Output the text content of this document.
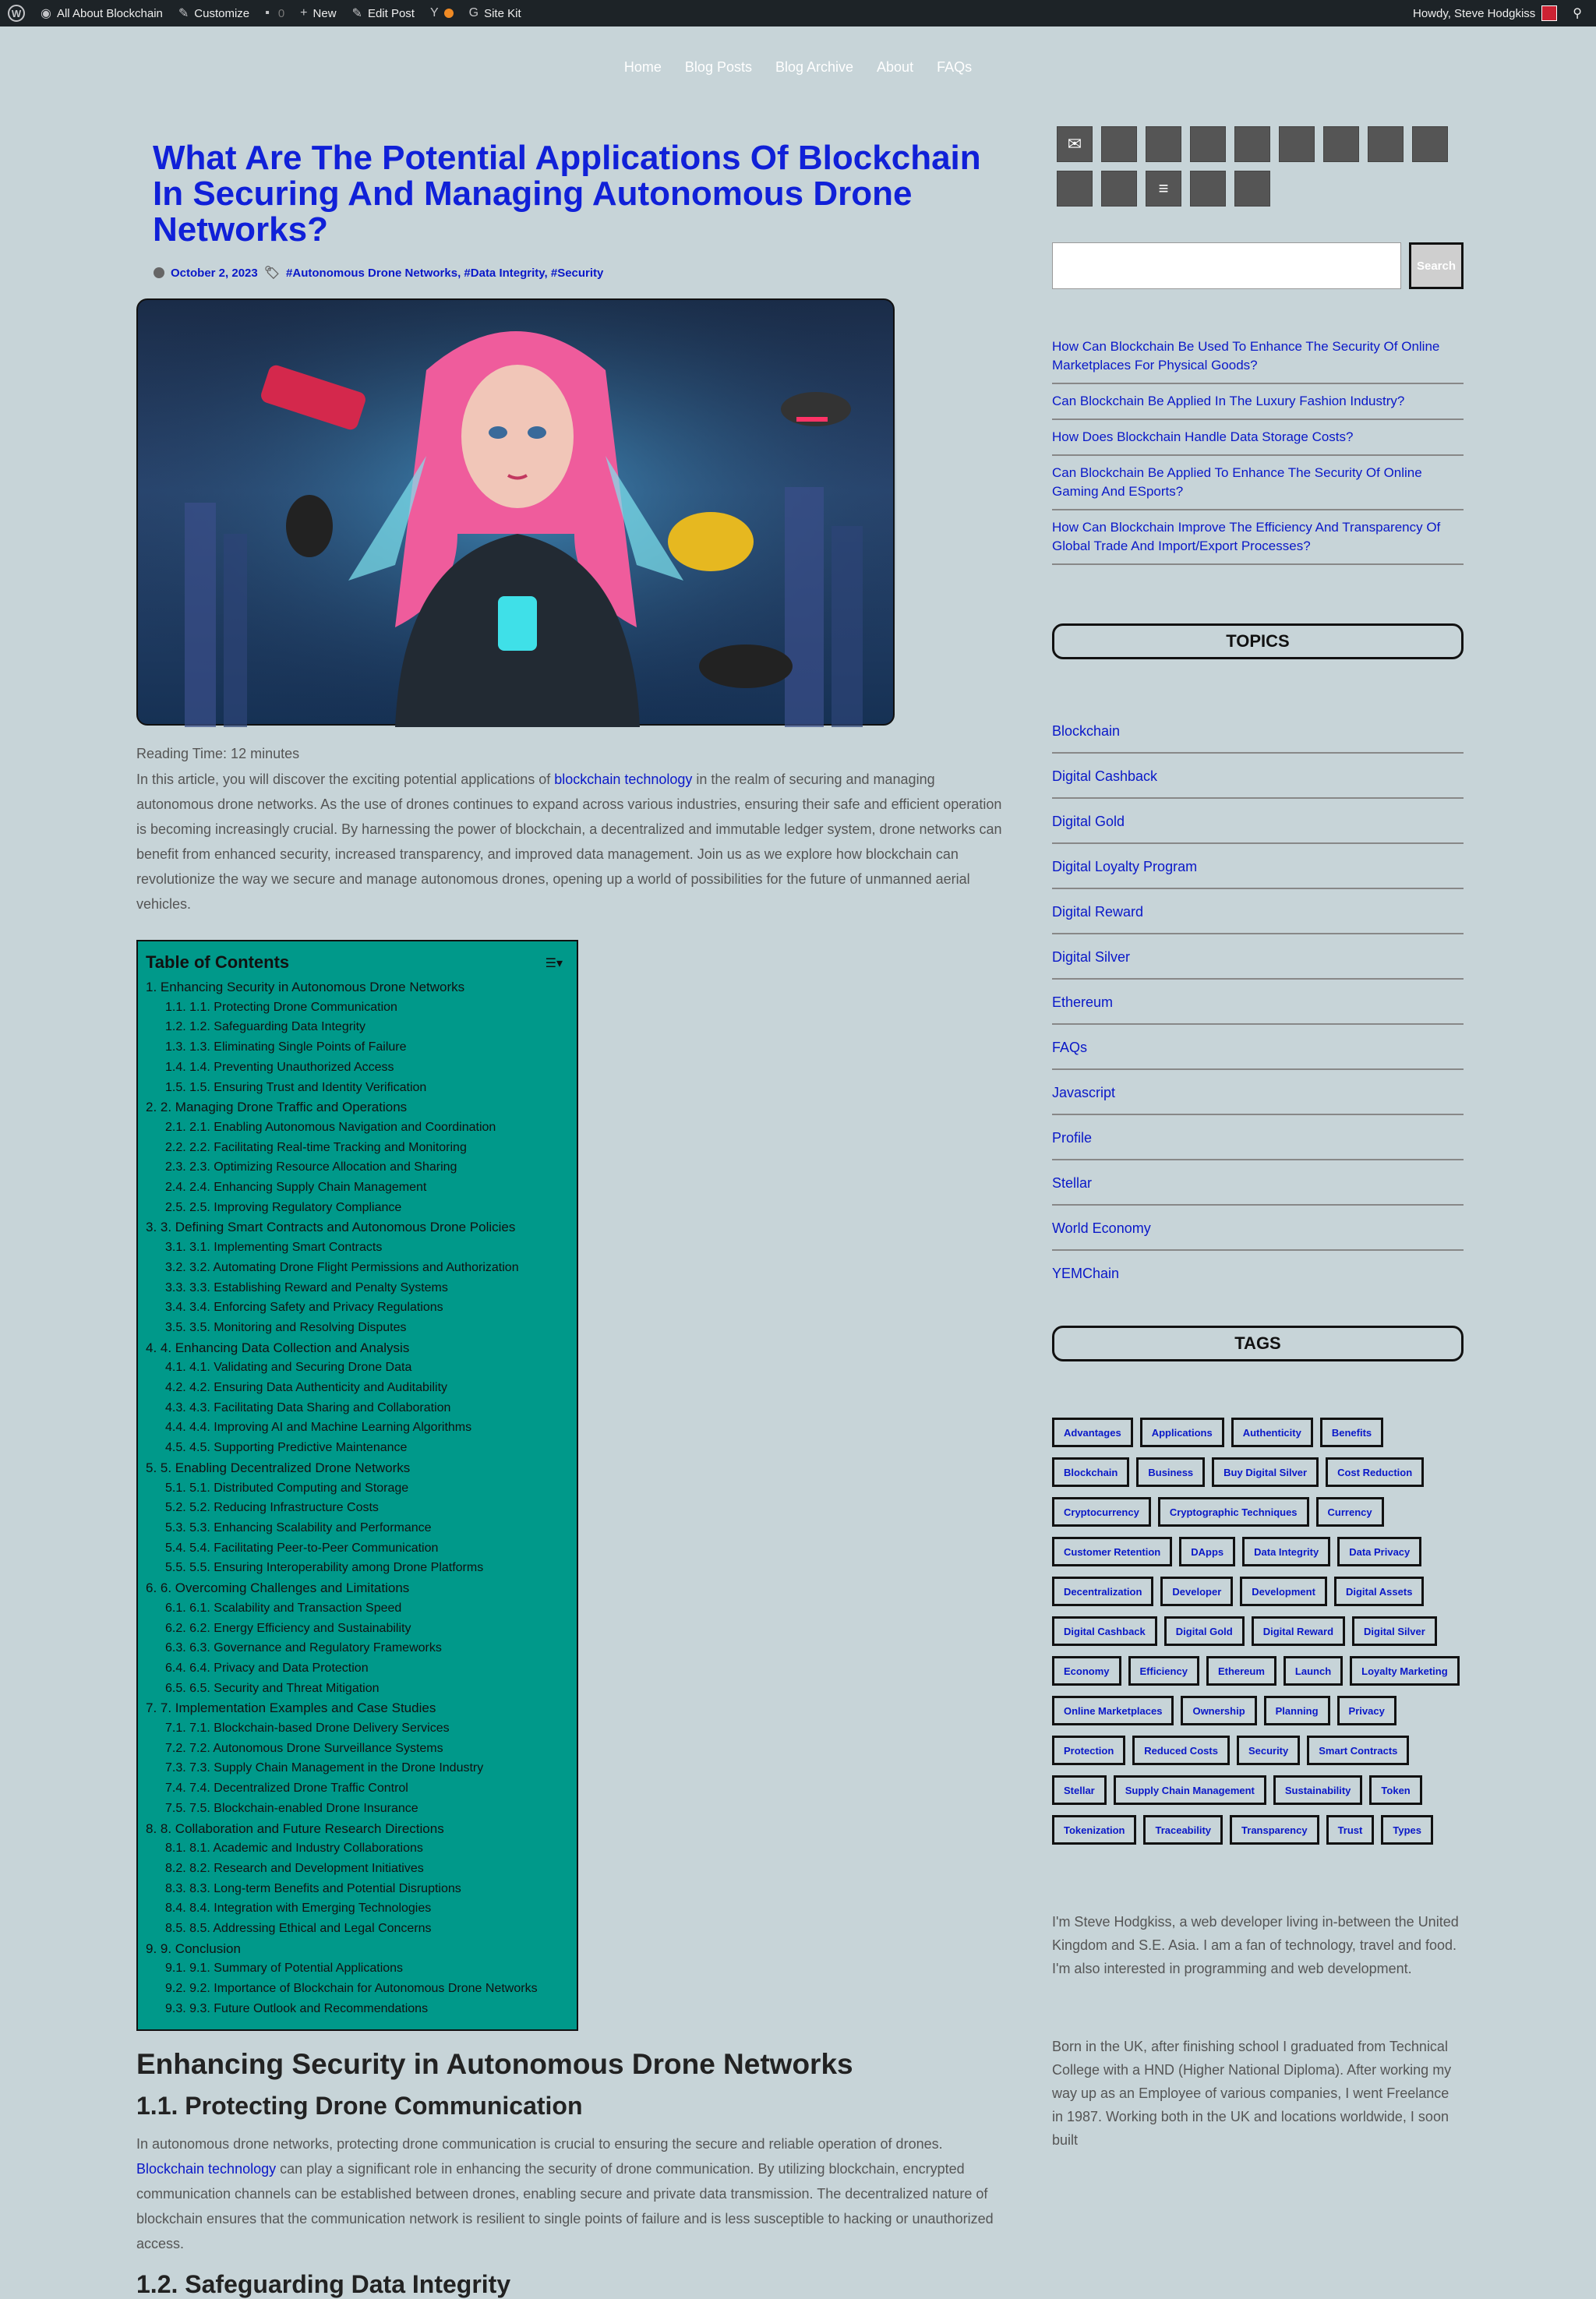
W	◉ All About Blockchain ✎ Customize ▪ 0 + New ✎ Edit Post Y G Site Kit	Howdy, Steve Hodgkiss	⚲
Home Blog Posts Blog Archive About FAQs
What Are The Potential Applications Of Blockchain In Securing And Managing Autonomous Drone Networks?
October 2, 2023 🏷 #Autonomous Drone Networks, #Data Integrity, #Security
Reading Time: 12 minutes

In this article, you will discover the exciting potential applications of blockchain technology in the realm of securing and managing autonomous drone networks. As the use of drones continues to expand across various industries, ensuring their safe and efficient operation is becoming increasingly crucial. By harnessing the power of blockchain, a decentralized and immutable ledger system, drone networks can benefit from enhanced security, increased transparency, and improved data management. Join us as we explore how blockchain can revolutionize the way we secure and manage autonomous drones, opening up a world of possibilities for the future of unmanned aerial vehicles.

Table of Contents	☰▾
1. Enhancing Security in Autonomous Drone Networks
1.1. 1.1. Protecting Drone Communication
1.2. 1.2. Safeguarding Data Integrity
1.3. 1.3. Eliminating Single Points of Failure
1.4. 1.4. Preventing Unauthorized Access
1.5. 1.5. Ensuring Trust and Identity Verification
2. 2. Managing Drone Traffic and Operations
2.1. 2.1. Enabling Autonomous Navigation and Coordination
2.2. 2.2. Facilitating Real-time Tracking and Monitoring
2.3. 2.3. Optimizing Resource Allocation and Sharing
2.4. 2.4. Enhancing Supply Chain Management
2.5. 2.5. Improving Regulatory Compliance
3. 3. Defining Smart Contracts and Autonomous Drone Policies
3.1. 3.1. Implementing Smart Contracts
3.2. 3.2. Automating Drone Flight Permissions and Authorization
3.3. 3.3. Establishing Reward and Penalty Systems
3.4. 3.4. Enforcing Safety and Privacy Regulations
3.5. 3.5. Monitoring and Resolving Disputes
4. 4. Enhancing Data Collection and Analysis
4.1. 4.1. Validating and Securing Drone Data
4.2. 4.2. Ensuring Data Authenticity and Auditability
4.3. 4.3. Facilitating Data Sharing and Collaboration
4.4. 4.4. Improving AI and Machine Learning Algorithms
4.5. 4.5. Supporting Predictive Maintenance
5. 5. Enabling Decentralized Drone Networks
5.1. 5.1. Distributed Computing and Storage
5.2. 5.2. Reducing Infrastructure Costs
5.3. 5.3. Enhancing Scalability and Performance
5.4. 5.4. Facilitating Peer-to-Peer Communication
5.5. 5.5. Ensuring Interoperability among Drone Platforms
6. 6. Overcoming Challenges and Limitations
6.1. 6.1. Scalability and Transaction Speed
6.2. 6.2. Energy Efficiency and Sustainability
6.3. 6.3. Governance and Regulatory Frameworks
6.4. 6.4. Privacy and Data Protection
6.5. 6.5. Security and Threat Mitigation
7. 7. Implementation Examples and Case Studies
7.1. 7.1. Blockchain-based Drone Delivery Services
7.2. 7.2. Autonomous Drone Surveillance Systems
7.3. 7.3. Supply Chain Management in the Drone Industry
7.4. 7.4. Decentralized Drone Traffic Control
7.5. 7.5. Blockchain-enabled Drone Insurance
8. 8. Collaboration and Future Research Directions
8.1. 8.1. Academic and Industry Collaborations
8.2. 8.2. Research and Development Initiatives
8.3. 8.3. Long-term Benefits and Potential Disruptions
8.4. 8.4. Integration with Emerging Technologies
8.5. 8.5. Addressing Ethical and Legal Concerns
9. 9. Conclusion
9.1. 9.1. Summary of Potential Applications
9.2. 9.2. Importance of Blockchain for Autonomous Drone Networks
9.3. 9.3. Future Outlook and Recommendations
Enhancing Security in Autonomous Drone Networks
1.1. Protecting Drone Communication

In autonomous drone networks, protecting drone communication is crucial to ensuring the secure and reliable operation of drones. Blockchain technology can play a significant role in enhancing the security of drone communication. By utilizing blockchain, encrypted communication channels can be established between drones, enabling secure and private data transmission. The decentralized nature of blockchain ensures that the communication network is resilient to single points of failure and is less susceptible to hacking or unauthorized access.

1.2. Safeguarding Data Integrity
✉
≡
Search
How Can Blockchain Be Used To Enhance The Security Of Online Marketplaces For Physical Goods?
Can Blockchain Be Applied In The Luxury Fashion Industry?
How Does Blockchain Handle Data Storage Costs?
Can Blockchain Be Applied To Enhance The Security Of Online Gaming And ESports?
How Can Blockchain Improve The Efficiency And Transparency Of Global Trade And Import/Export Processes?
TOPICS
Blockchain
Digital Cashback
Digital Gold
Digital Loyalty Program
Digital Reward
Digital Silver
Ethereum
FAQs
Javascript
Profile
Stellar
World Economy
YEMChain
TAGS
Advantages	Applications	Authenticity	Benefits
Blockchain	Business	Buy Digital Silver	Cost Reduction
Cryptocurrency	Cryptographic Techniques	Currency
Customer Retention	DApps	Data Integrity	Data Privacy
Decentralization	Developer	Development	Digital Assets
Digital Cashback	Digital Gold	Digital Reward	Digital Silver
Economy	Efficiency	Ethereum	Launch	Loyalty Marketing
Online Marketplaces	Ownership	Planning	Privacy
Protection	Reduced Costs	Security	Smart Contracts
Stellar	Supply Chain Management	Sustainability	Token
Tokenization	Traceability	Transparency	Trust	Types

I'm Steve Hodgkiss, a web developer living in-between the United Kingdom and S.E. Asia. I am a fan of technology, travel and food. I'm also interested in programming and web development.

Born in the UK, after finishing school I graduated from Technical College with a HND (Higher National Diploma). After working my way up as an Employee of various companies, I went Freelance in 1987. Working both in the UK and locations worldwide, I soon built
